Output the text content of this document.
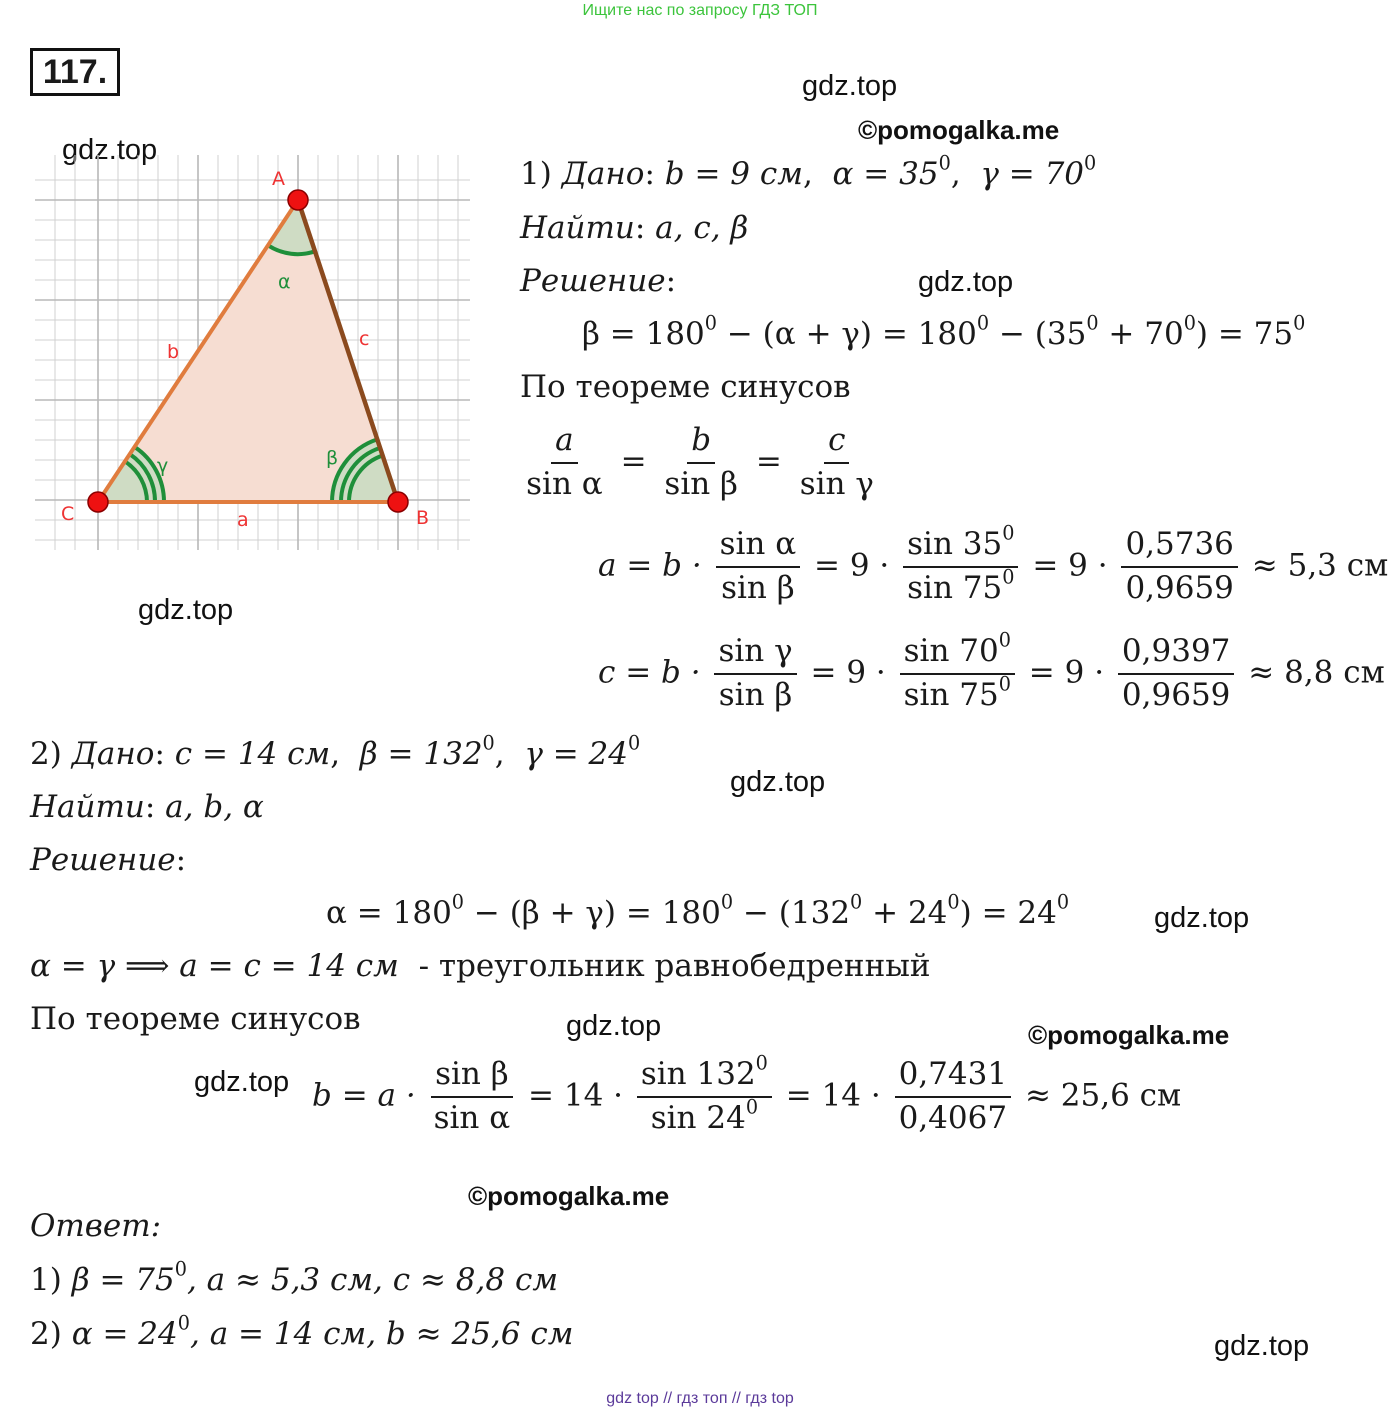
Ищите нас по запросу ГДЗ ТОП
117.	gdz.top
©pomogalka.me
gdz.top
gdz.top
gdz.top
gdz.top
gdz.top
gdz.top	©pomogalka.me
gdz.top
©pomogalka.me
gdz.top
A
B
C	a
b
c
α
β
γ
1) Дано: b = 9 см,  $\alpha = 35^0$,  $\gamma = 70^0$
Найти: a, c, β
Решение:
$\beta = 180^0 - (\alpha + \gamma) = 180^0 - (35^0 + 70^0) = 75^0$
По теореме синусов
$\frac{a}{\text{sin α}} = \frac{b}{\text{sin β}} = \frac{c}{\text{sin γ}}$
$a = b \cdot \frac{\text{sin α}}{\text{sin β}} = 9 \cdot \frac{\sin 35^0}{\sin 75^0} = 9 \cdot \frac{0,5736}{0,9659} \approx 5,3$ см
$c = b \cdot \frac{\text{sin γ}}{\text{sin β}} = 9 \cdot \frac{\sin 70^0}{\sin 75^0} = 9 \cdot \frac{0,9397}{0,9659} \approx 8,8$ см
2) Дано: c = 14 см,  $\beta = 132^0$,  $\gamma = 24^0$
Найти: a, b, α
Решение:
$\alpha = 180^0 - (\beta + \gamma) = 180^0 - (132^0 + 24^0) = 24^0$
α = γ ⟹ a = c = 14 см - треугольник равнобедренный
По теореме синусов
$b = a \cdot \frac{\text{sin β}}{\text{sin α}} = 14 \cdot \frac{\sin 132^0}{\sin 24^0} = 14 \cdot \frac{0,7431}{0,4067} \approx 25,6$ см
Ответ:
1) $\beta = 75^0$, a ≈ 5,3 см, c ≈ 8,8 см
2) $\alpha = 24^0$, a = 14 см, b ≈ 25,6 см
gdz top // гдз топ // гдз top
